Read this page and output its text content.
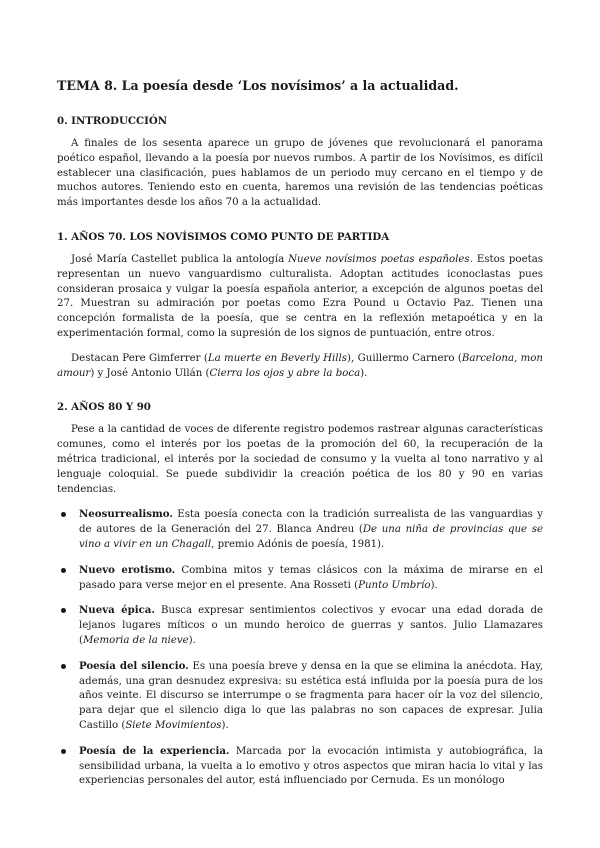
TEMA 8. La poesía desde ‘Los novísimos’ a la actualidad.
0. INTRODUCCIÓN

A finales de los sesenta aparece un grupo de jóvenes que revolucionará el panorama poético español, llevando a la poesía por nuevos rumbos. A partir de los Novísimos, es difícil establecer una clasificación, pues hablamos de un periodo muy cercano en el tiempo y de muchos autores. Teniendo esto en cuenta, haremos una revisión de las tendencias poéticas más importantes desde los años 70 a la actualidad.

1. AÑOS 70. LOS NOVÍSIMOS COMO PUNTO DE PARTIDA

José María Castellet publica la antología Nueve novísimos poetas españoles. Estos poetas representan un nuevo vanguardismo culturalista. Adoptan actitudes iconoclastas pues consideran prosaica y vulgar la poesía española anterior, a excepción de algunos poetas del 27. Muestran su admiración por poetas como Ezra Pound u Octavio Paz. Tienen una concepción formalista de la poesía, que se centra en la reflexión metapoética y en la experimentación formal, como la supresión de los signos de puntuación, entre otros.

Destacan Pere Gimferrer (La muerte en Beverly Hills), Guillermo Carnero (Barcelona, mon amour) y José Antonio Ullán (Cierra los ojos y abre la boca).

2. AÑOS 80 Y 90

Pese a la cantidad de voces de diferente registro podemos rastrear algunas características comunes, como el interés por los poetas de la promoción del 60, la recuperación de la métrica tradicional, el interés por la sociedad de consumo y la vuelta al tono narrativo y al lenguaje coloquial. Se puede subdividir la creación poética de los 80 y 90 en varias tendencias.

Neosurrealismo. Esta poesía conecta con la tradición surrealista de las vanguardias y de autores de la Generación del 27. Blanca Andreu (De una niña de provincias que se vino a vivir en un Chagall, premio Adónis de poesía, 1981).
Nuevo erotismo. Combina mitos y temas clásicos con la máxima de mirarse en el pasado para verse mejor en el presente. Ana Rosseti (Punto Umbrío).
Nueva épica. Busca expresar sentimientos colectivos y evocar una edad dorada de lejanos lugares míticos o un mundo heroico de guerras y santos. Julio Llamazares (Memoria de la nieve).
Poesía del silencio. Es una poesía breve y densa en la que se elimina la anécdota. Hay, además, una gran desnudez expresiva: su estética está influida por la poesía pura de los años veinte. El discurso se interrumpe o se fragmenta para hacer oír la voz del silencio, para dejar que el silencio diga lo que las palabras no son capaces de expresar. Julia Castillo (Siete Movimientos).
Poesía de la experiencia. Marcada por la evocación intimista y autobiográfica, la sensibilidad urbana, la vuelta a lo emotivo y otros aspectos que miran hacia lo vital y las experiencias personales del autor, está influenciado por Cernuda. Es un monólogo
